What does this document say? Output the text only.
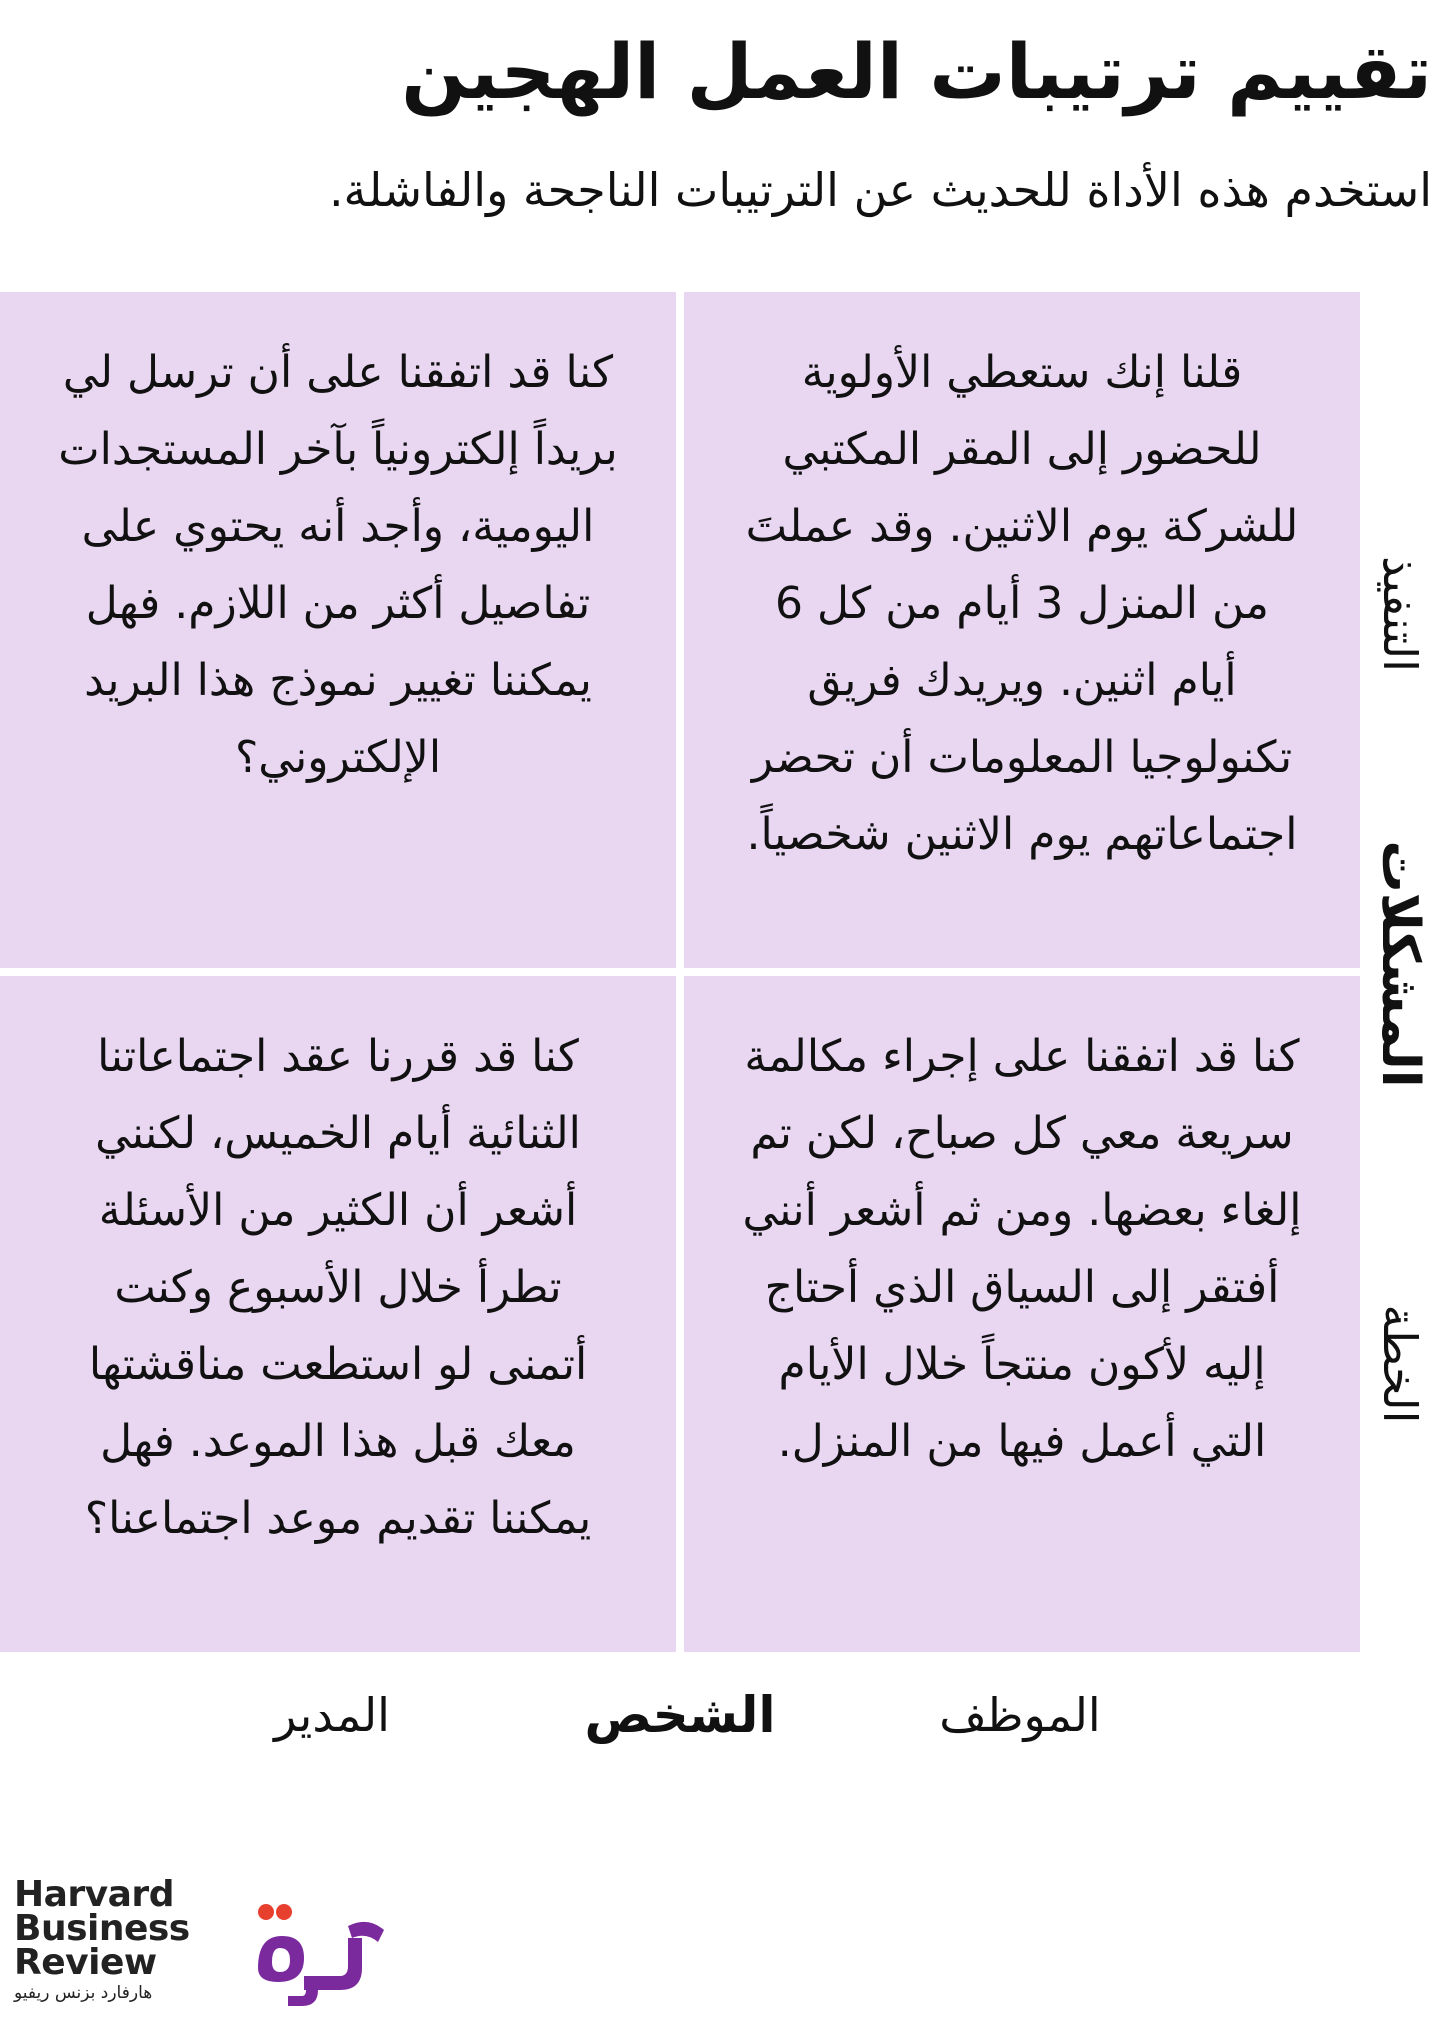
تقييم ترتيبات العمل الهجين

استخدم هذه الأداة للحديث عن الترتيبات الناجحة والفاشلة.

قلنا إنك ستعطي الأولوية للحضور إلى المقر المكتبي للشركة يوم الاثنين. وقد عملتَ من المنزل 3 أيام من كل 6 أيام اثنين. ويريدك فريق تكنولوجيا المعلومات أن تحضر اجتماعاتهم يوم الاثنين شخصياً.
كنا قد اتفقنا على أن ترسل لي بريداً إلكترونياً بآخر المستجدات اليومية، وأجد أنه يحتوي على تفاصيل أكثر من اللازم. فهل يمكننا تغيير نموذج هذا البريد الإلكتروني؟
كنا قد اتفقنا على إجراء مكالمة سريعة معي كل صباح، لكن تم إلغاء بعضها. ومن ثم أشعر أنني أفتقر إلى السياق الذي أحتاج إليه لأكون منتجاً خلال الأيام التي أعمل فيها من المنزل.
كنا قد قررنا عقد اجتماعاتنا الثنائية أيام الخميس، لكنني أشعر أن الكثير من الأسئلة تطرأ خلال الأسبوع وكنت أتمنى لو استطعت مناقشتها معك قبل هذا الموعد. فهل يمكننا تقديم موعد اجتماعنا؟
التنفيذ
المشكلات
الخطة
الموظف
الشخص
المدير
Harvard
Business
Review
هارفارد بزنس ريفيو
